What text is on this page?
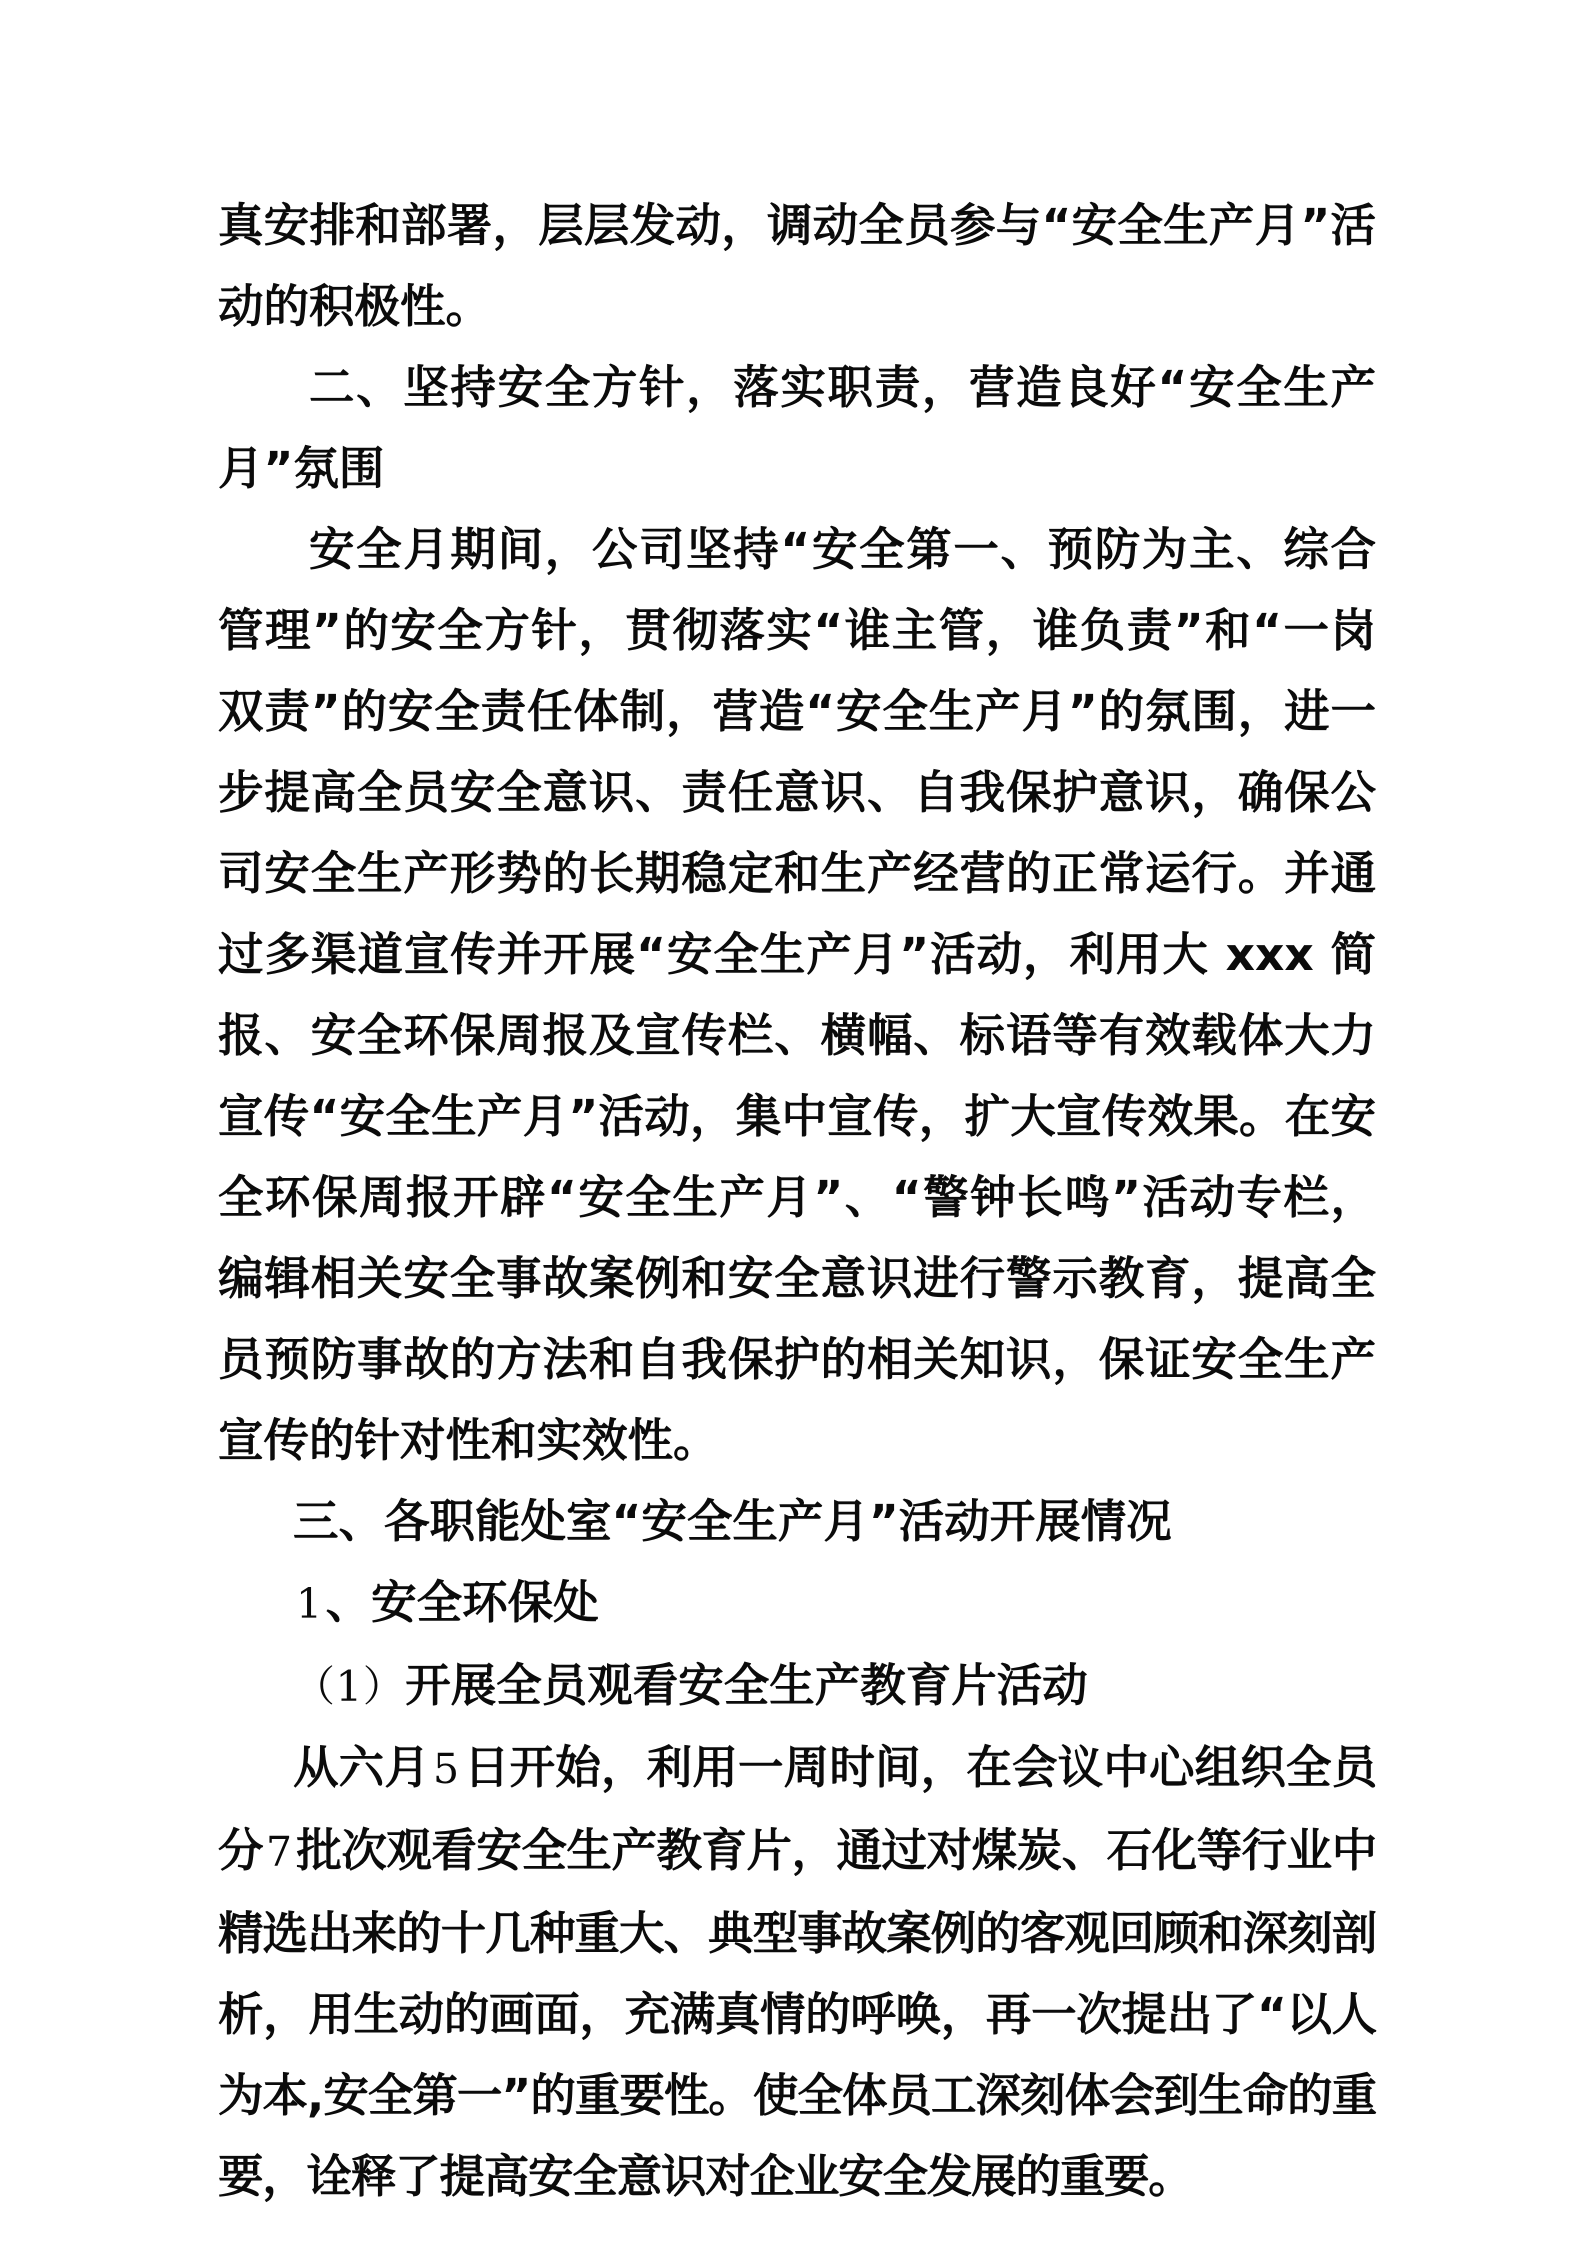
真安排和部署，层层发动，调动全员参与“安全生产月”活动的积极性。

二、坚持安全方针，落实职责，营造良好“安全生产月”氛围

安全月期间，公司坚持“安全第一、预防为主、综合管理”的安全方针，贯彻落实“谁主管，谁负责”和“一岗双责”的安全责任体制，营造“安全生产月”的氛围，进一步提高全员安全意识、责任意识、自我保护意识，确保公司安全生产形势的长期稳定和生产经营的正常运行。并通过多渠道宣传并开展“安全生产月”活动，利用大 xxx 简报、安全环保周报及宣传栏、横幅、标语等有效载体大力宣传“安全生产月”活动，集中宣传，扩大宣传效果。在安全环保周报开辟“安全生产月”、“警钟长鸣”活动专栏，编辑相关安全事故案例和安全意识进行警示教育，提高全员预防事故的方法和自我保护的相关知识，保证安全生产宣传的针对性和实效性。

三、各职能处室“安全生产月”活动开展情况

1、安全环保处

（1）开展全员观看安全生产教育片活动

从六月5日开始，利用一周时间，在会议中心组织全员分7批次观看安全生产教育片，通过对煤炭、石化等行业中精选出来的十几种重大、典型事故案例的客观回顾和深刻剖析，用生动的画面，充满真情的呼唤，再一次提出了“以人为本,安全第一”的重要性。使全体员工深刻体会到生命的重要，诠释了提高安全意识对企业安全发展的重要。
